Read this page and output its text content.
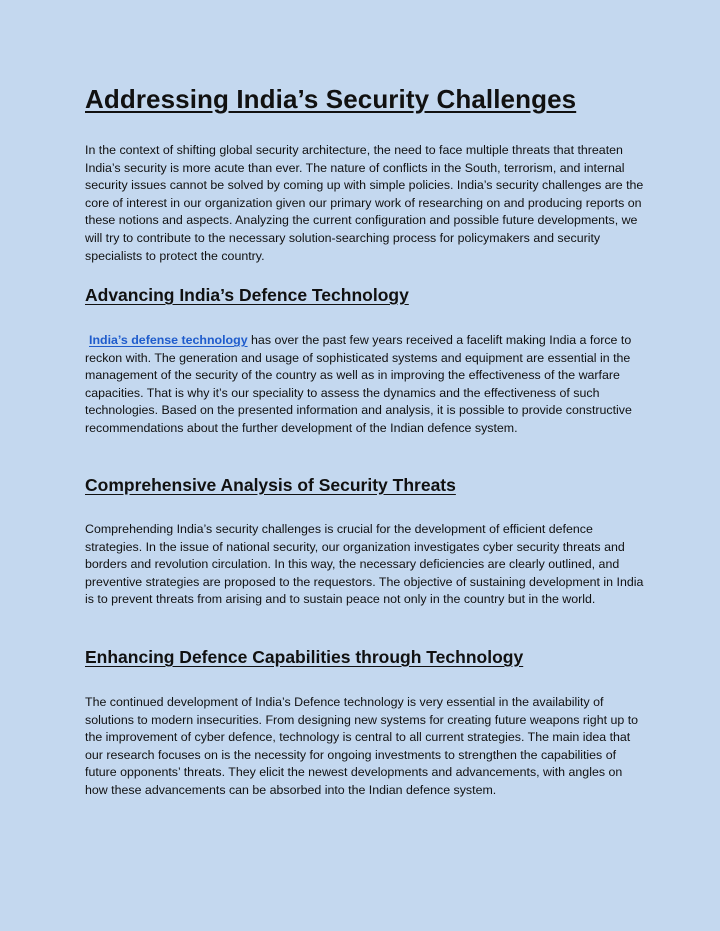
Addressing India’s Security Challenges

In the context of shifting global security architecture, the need to face multiple threats that threaten India’s security is more acute than ever. The nature of conflicts in the South, terrorism, and internal security issues cannot be solved by coming up with simple policies. India’s security challenges are the core of interest in our organization given our primary work of researching on and producing reports on these notions and aspects. Analyzing the current configuration and possible future developments, we will try to contribute to the necessary solution-searching process for policymakers and security specialists to protect the country.

Advancing India’s Defence Technology

India’s defense technology has over the past few years received a facelift making India a force to reckon with. The generation and usage of sophisticated systems and equipment are essential in the management of the security of the country as well as in improving the effectiveness of the warfare capacities. That is why it’s our speciality to assess the dynamics and the effectiveness of such technologies. Based on the presented information and analysis, it is possible to provide constructive recommendations about the further development of the Indian defence system.

Comprehensive Analysis of Security Threats

Comprehending India’s security challenges is crucial for the development of efficient defence strategies. In the issue of national security, our organization investigates cyber security threats and borders and revolution circulation. In this way, the necessary deficiencies are clearly outlined, and preventive strategies are proposed to the requestors. The objective of sustaining development in India is to prevent threats from arising and to sustain peace not only in the country but in the world.

Enhancing Defence Capabilities through Technology

The continued development of India’s Defence technology is very essential in the availability of solutions to modern insecurities. From designing new systems for creating future weapons right up to the improvement of cyber defence, technology is central to all current strategies. The main idea that our research focuses on is the necessity for ongoing investments to strengthen the capabilities of future opponents’ threats. They elicit the newest developments and advancements, with angles on how these advancements can be absorbed into the Indian defence system.
